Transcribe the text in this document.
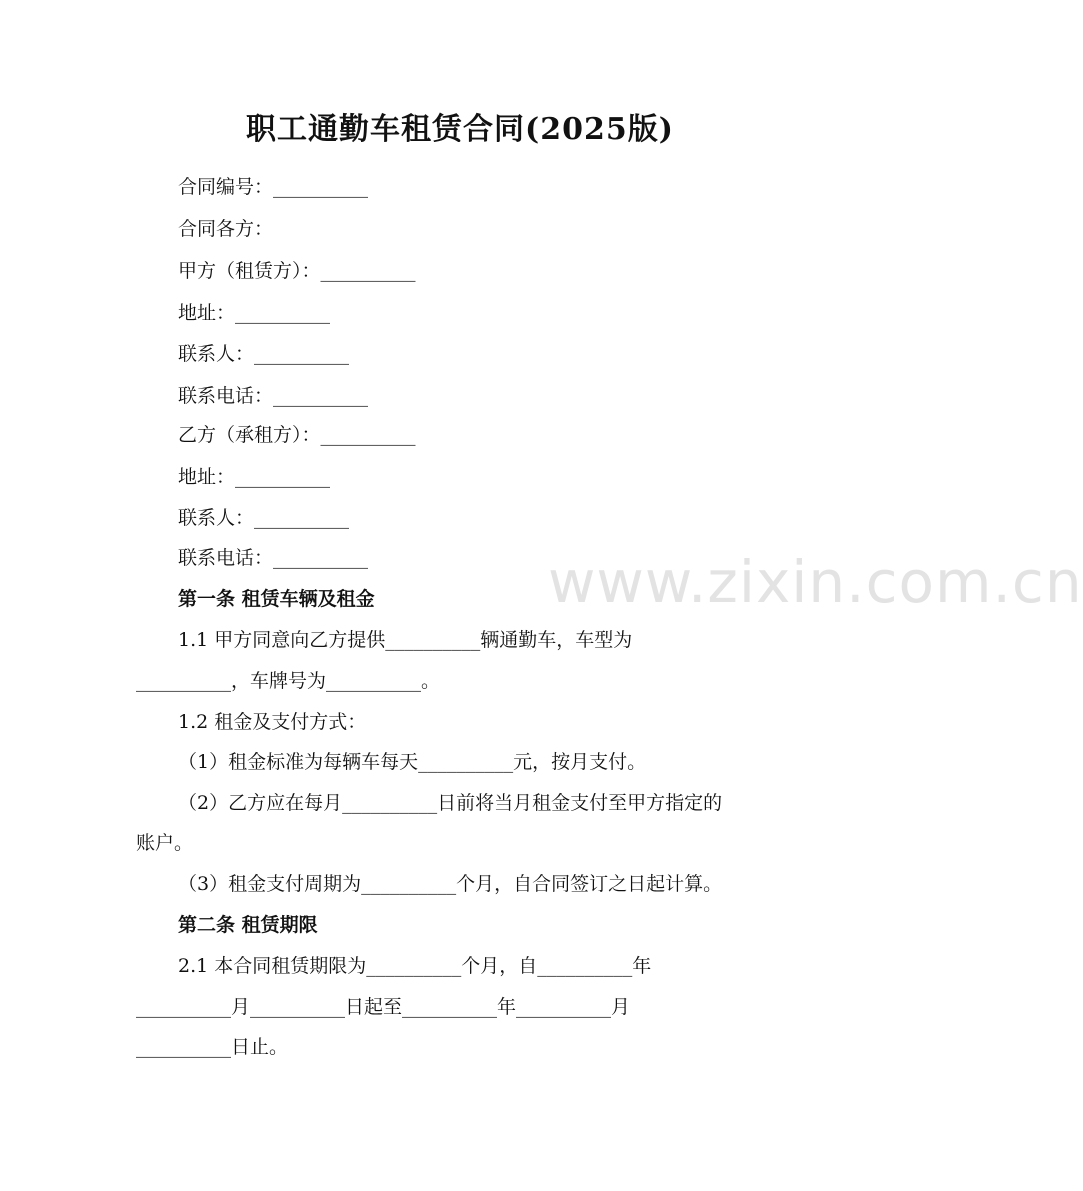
职工通勤车租赁合同(2025版)
www.zixin.com.cn
合同编号：__________
合同各方：
甲方（租赁方）：__________
地址：__________
联系人：__________
联系电话：__________
乙方（承租方）：__________
地址：__________
联系人：__________
联系电话：__________
第一条 租赁车辆及租金
1.1 甲方同意向乙方提供__________辆通勤车，车型为
__________，车牌号为__________。
1.2 租金及支付方式：
（1）租金标准为每辆车每天__________元，按月支付。
（2）乙方应在每月__________日前将当月租金支付至甲方指定的
账户。
（3）租金支付周期为__________个月，自合同签订之日起计算。
第二条 租赁期限
2.1 本合同租赁期限为__________个月，自__________年
__________月__________日起至__________年__________月
__________日止。
